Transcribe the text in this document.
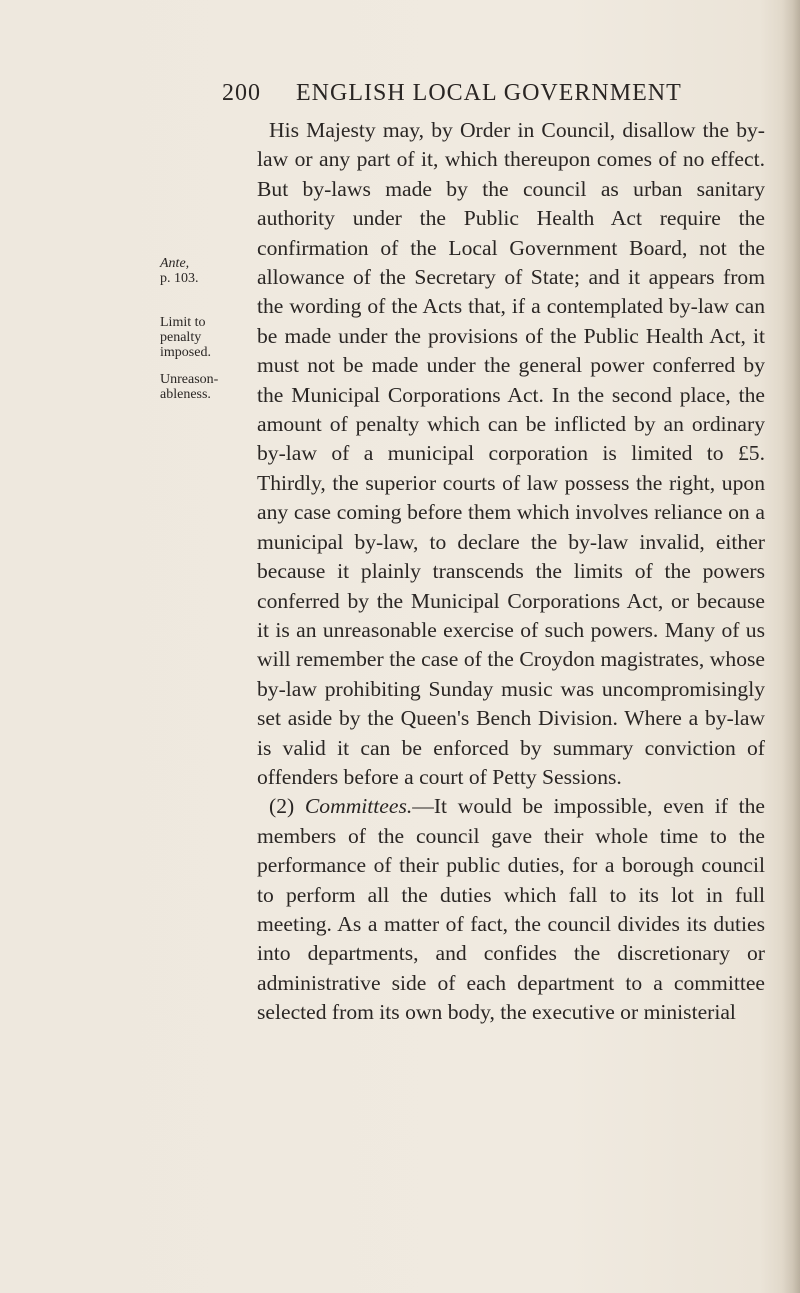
200 ENGLISH LOCAL GOVERNMENT
Ante,
p. 103.
Limit to penalty imposed.
Unreason- ableness.

His Majesty may, by Order in Council, disallow the by-law or any part of it, which thereupon comes of no effect. But by-laws made by the council as urban sanitary authority under the Public Health Act require the confirmation of the Local Government Board, not the allowance of the Secretary of State; and it appears from the wording of the Acts that, if a contemplated by-law can be made under the provisions of the Public Health Act, it must not be made under the general power conferred by the Municipal Corporations Act. In the second place, the amount of penalty which can be inflicted by an ordinary by-law of a municipal corporation is limited to £5. Thirdly, the superior courts of law possess the right, upon any case coming before them which involves reliance on a municipal by-law, to declare the by-law invalid, either because it plainly transcends the limits of the powers conferred by the Municipal Corporations Act, or because it is an unreasonable exercise of such powers. Many of us will remember the case of the Croydon magistrates, whose by-law prohibiting Sunday music was uncompromisingly set aside by the Queen's Bench Division. Where a by-law is valid it can be enforced by summary conviction of offenders before a court of Petty Sessions.

(2) Committees.—It would be impossible, even if the members of the council gave their whole time to the performance of their public duties, for a borough council to perform all the duties which fall to its lot in full meeting. As a matter of fact, the council divides its duties into departments, and confides the discretionary or administrative side of each department to a committee selected from its own body, the executive or ministerial
